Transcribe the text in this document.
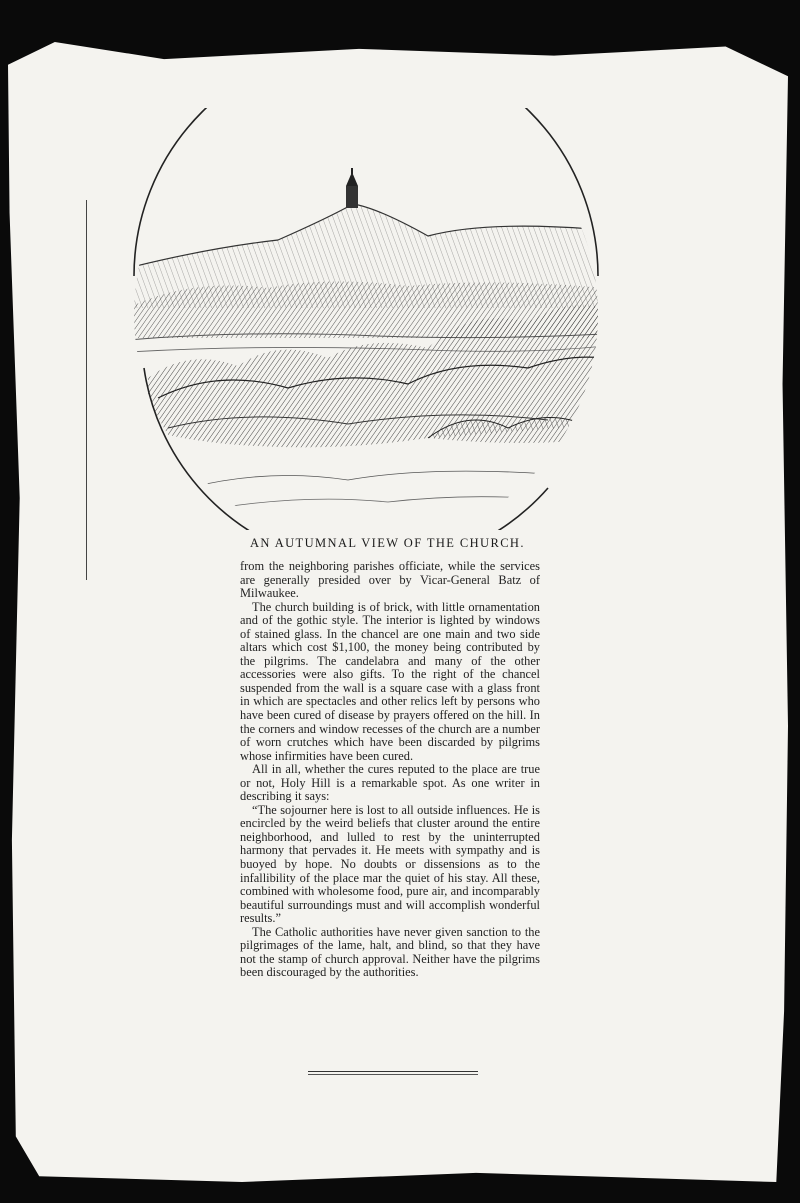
AN AUTUMNAL VIEW OF THE CHURCH.

from the neighboring parishes officiate, while the services are generally presided over by Vicar-General Batz of Milwaukee.

The church building is of brick, with little ornamentation and of the gothic style. The interior is lighted by windows of stained glass. In the chancel are one main and two side altars which cost $1,100, the money being contributed by the pilgrims. The candelabra and many of the other accessories were also gifts. To the right of the chancel suspended from the wall is a square case with a glass front in which are spectacles and other relics left by persons who have been cured of disease by prayers offered on the hill. In the corners and window recesses of the church are a number of worn crutches which have been discarded by pilgrims whose infirmities have been cured.

All in all, whether the cures reputed to the place are true or not, Holy Hill is a remarkable spot. As one writer in describing it says:

“The sojourner here is lost to all outside influences. He is encircled by the weird beliefs that cluster around the entire neighborhood, and lulled to rest by the uninterrupted harmony that pervades it. He meets with sympathy and is buoyed by hope. No doubts or dissensions as to the infallibility of the place mar the quiet of his stay. All these, combined with wholesome food, pure air, and incomparably beautiful surroundings must and will accomplish wonderful results.”

The Catholic authorities have never given sanction to the pilgrimages of the lame, halt, and blind, so that they have not the stamp of church approval. Neither have the pilgrims been discouraged by the authorities.
